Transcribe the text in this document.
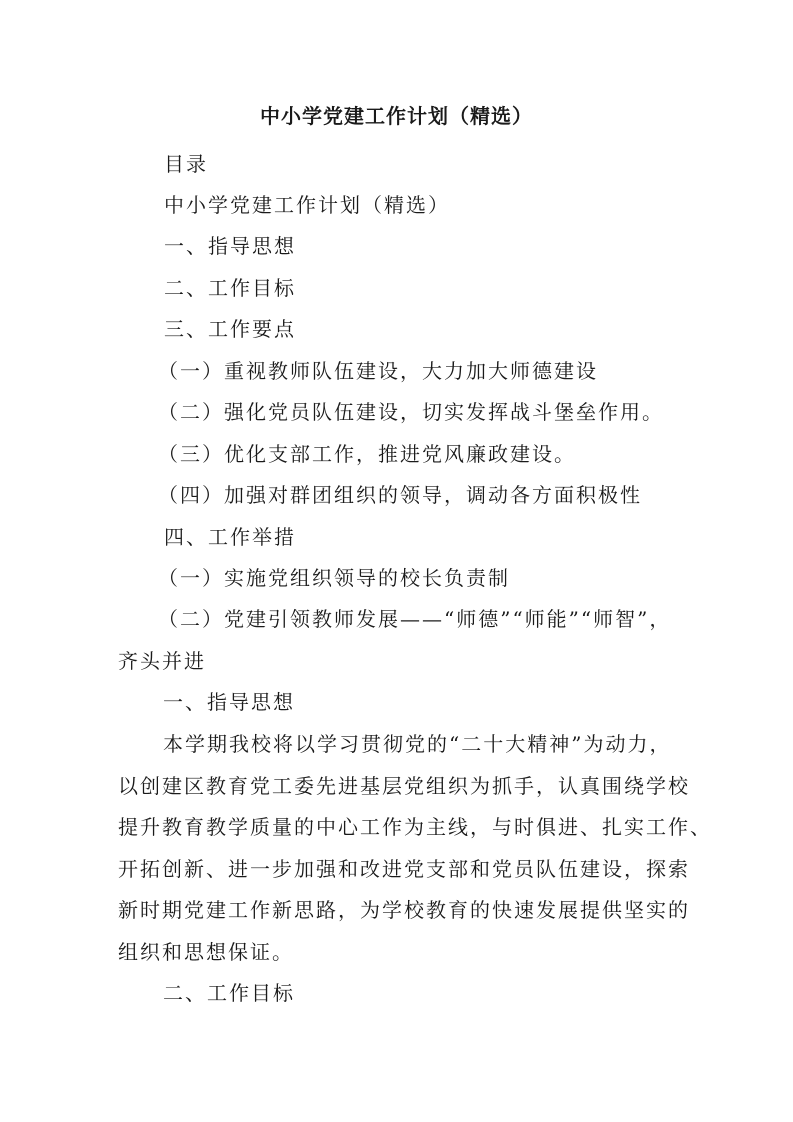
中小学党建工作计划（精选）
目录
中小学党建工作计划（精选）
一、指导思想
二、工作目标
三、工作要点
（一）重视教师队伍建设，大力加大师德建设
（二）强化党员队伍建设，切实发挥战斗堡垒作用。
（三）优化支部工作，推进党风廉政建设。
（四）加强对群团组织的领导，调动各方面积极性
四、工作举措
（一）实施党组织领导的校长负责制
（二）党建引领教师发展——“师德”“师能”“师智”，
齐头并进
一、指导思想
本学期我校将以学习贯彻党的“二十大精神”为动力，
以创建区教育党工委先进基层党组织为抓手，认真围绕学校
提升教育教学质量的中心工作为主线，与时俱进、扎实工作、
开拓创新、进一步加强和改进党支部和党员队伍建设，探索
新时期党建工作新思路，为学校教育的快速发展提供坚实的
组织和思想保证。
二、工作目标
